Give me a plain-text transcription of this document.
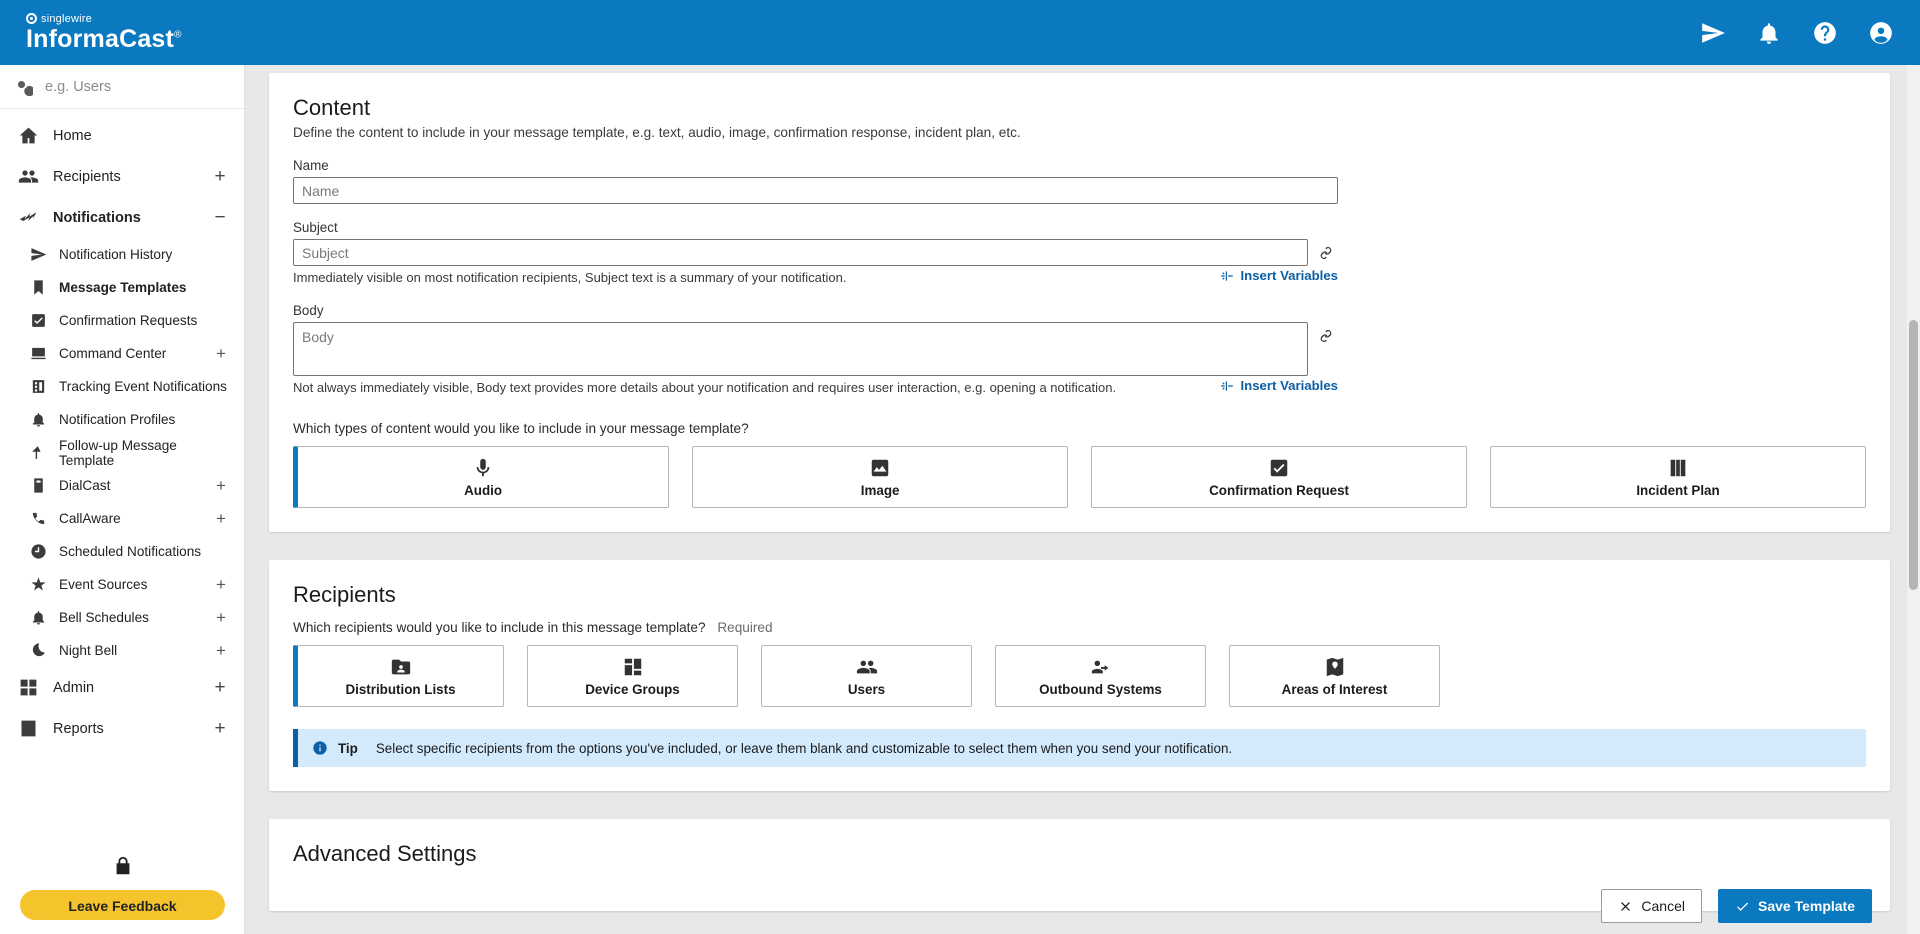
singlewire
InformaCast®
e.g. Users
Home
Recipients	+
Notifications	−
Notification History
Message Templates
Confirmation Requests
Command Center	+
Tracking Event Notifications
Notification Profiles
Follow-up Message Template
DialCast	+
CallAware	+
Scheduled Notifications
Event Sources	+
Bell Schedules	+
Night Bell	+
Admin	+
Reports	+
Leave Feedback
Content
Define the content to include in your message template, e.g. text, audio, image, confirmation response, incident plan, etc.
Name
Name
Subject
Subject
Immediately visible on most notification recipients, Subject text is a summary of your notification.	Insert Variables
Body
Body
Not always immediately visible, Body text provides more details about your notification and requires user interaction, e.g. opening a notification.	Insert Variables
Which types of content would you like to include in your message template?
Audio	Image	Confirmation Request	Incident Plan
Recipients
Which recipients would you like to include in this message template? Required
Distribution Lists	Device Groups	Users	Outbound Systems	Areas of Interest
Tip Select specific recipients from the options you've included, or leave them blank and customizable to select them when you send your notification.
Advanced Settings
Cancel	Save Template
